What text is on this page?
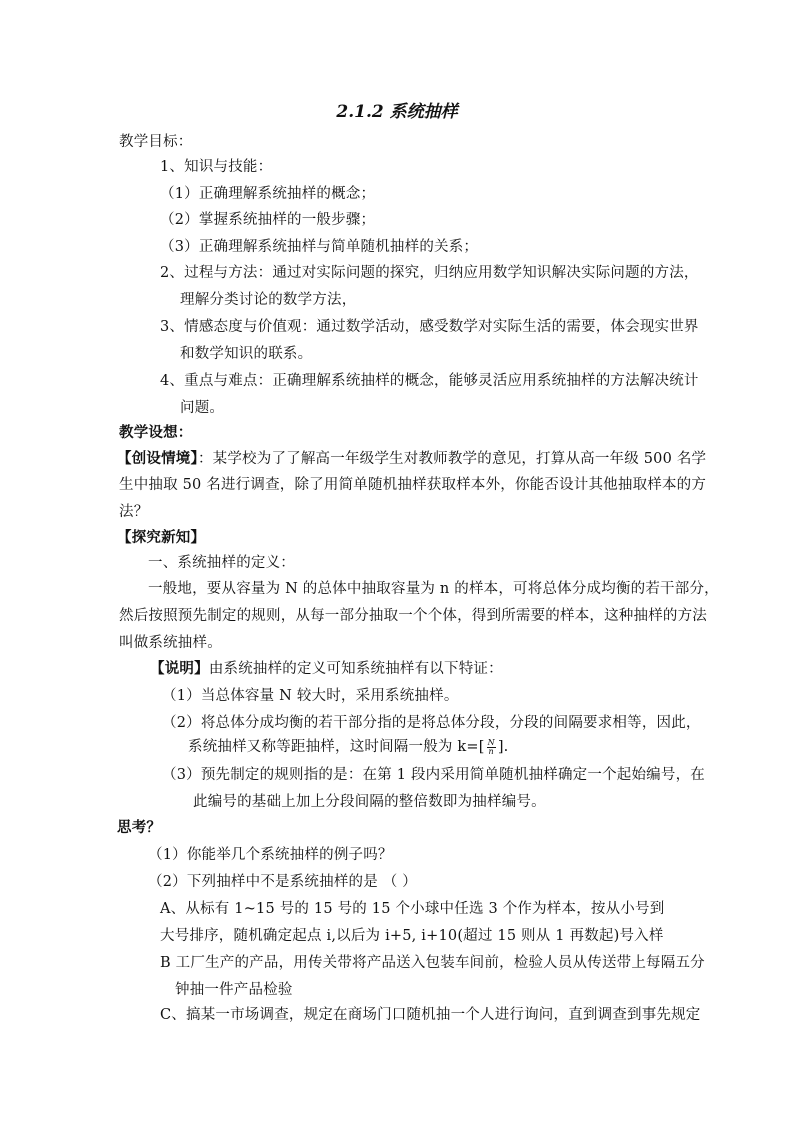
2.1.2 系统抽样
教学目标：
1、知识与技能：
（1）正确理解系统抽样的概念；
（2）掌握系统抽样的一般步骤；
（3）正确理解系统抽样与简单随机抽样的关系；
2、过程与方法：通过对实际问题的探究，归纳应用数学知识解决实际问题的方法，
理解分类讨论的数学方法，
3、情感态度与价值观：通过数学活动，感受数学对实际生活的需要，体会现实世界
和数学知识的联系。
4、重点与难点：正确理解系统抽样的概念，能够灵活应用系统抽样的方法解决统计
问题。
教学设想：
【创设情境】：某学校为了了解高一年级学生对教师教学的意见，打算从高一年级 500 名学
生中抽取 50 名进行调查，除了用简单随机抽样获取样本外，你能否设计其他抽取样本的方
法？
【探究新知】
一、系统抽样的定义：
一般地，要从容量为 N 的总体中抽取容量为 n 的样本，可将总体分成均衡的若干部分，
然后按照预先制定的规则，从每一部分抽取一个个体，得到所需要的样本，这种抽样的方法
叫做系统抽样。
【说明】由系统抽样的定义可知系统抽样有以下特证：
（1）当总体容量 N 较大时，采用系统抽样。
（2）将总体分成均衡的若干部分指的是将总体分段，分段的间隔要求相等，因此，
系统抽样又称等距抽样，这时间隔一般为 $k=[ \frac{N}{n}$ ].
（3）预先制定的规则指的是：在第 1 段内采用简单随机抽样确定一个起始编号，在
此编号的基础上加上分段间隔的整倍数即为抽样编号。
思考？
（1）你能举几个系统抽样的例子吗？
（2）下列抽样中不是系统抽样的是 （ ）
A、从标有 1~15 号的 15 号的 15 个小球中任选 3 个作为样本，按从小号到
大号排序，随机确定起点 i,以后为 i+5, i+10(超过 15 则从 1 再数起)号入样
B 工厂生产的产品，用传关带将产品送入包装车间前，检验人员从传送带上每隔五分
钟抽一件产品检验
C、搞某一市场调查，规定在商场门口随机抽一个人进行询问，直到调查到事先规定
